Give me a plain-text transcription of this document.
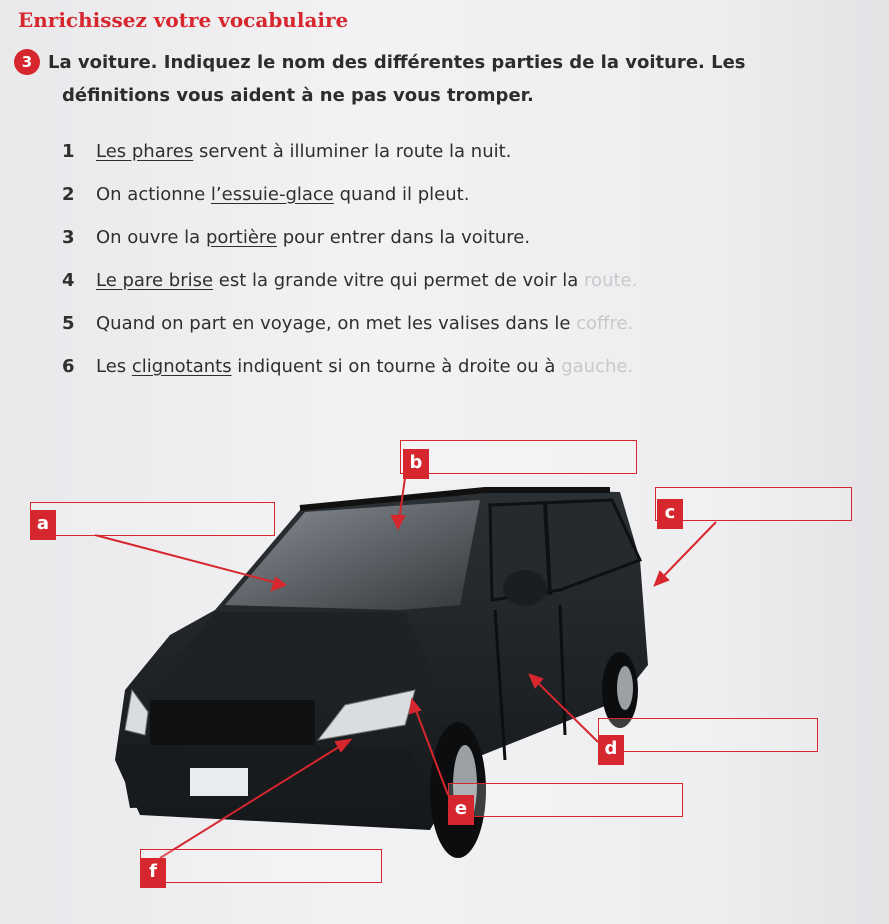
Enrichissez votre vocabulaire
3 La voiture. Indiquez le nom des différentes parties de la voiture. Les
définitions vous aident à ne pas vous tromper.
1 Les phares servent à illuminer la route la nuit.
2 On actionne l’essuie-glace quand il pleut.
3 On ouvre la portière pour entrer dans la voiture.
4 Le pare brise est la grande vitre qui permet de voir la route.
5 Quand on part en voyage, on met les valises dans le coffre.
6 Les clignotants indiquent si on tourne à droite ou à gauche.
a
b
c
d
e
f
